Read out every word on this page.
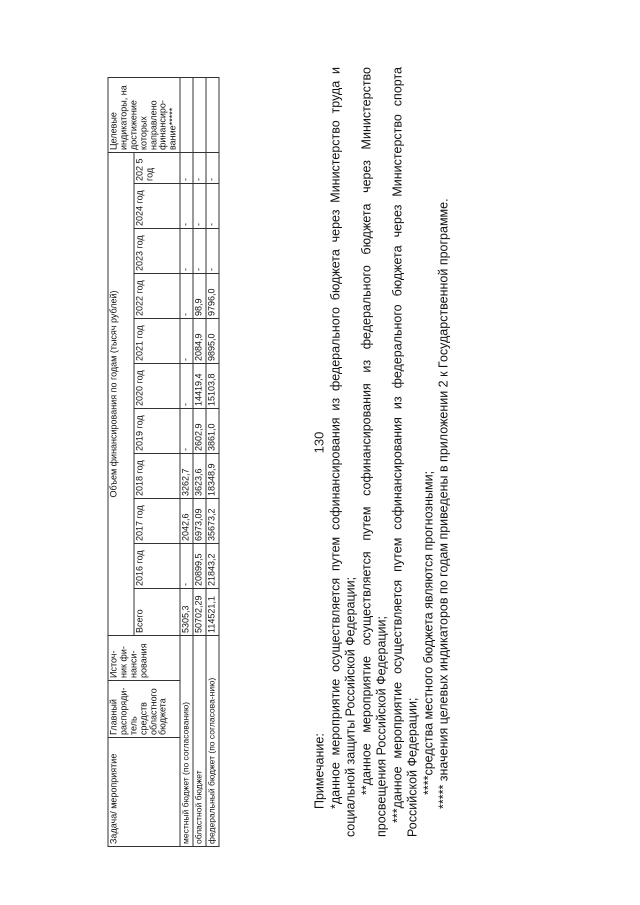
130
Задача/ мероприятие	Главный распоряди-тель средств областного бюджета	Источ-ник фи-нанси-рования	Объем финансирования по годам (тысяч рублей)											Целевые индикаторы, на достижение которых направлено финансиро-вание*****
			Всего	2016 год	2017 год	2018 год	2019 год	2020 год	2021 год	2022 год	2023 год	2024 год	202 5 год	
местный бюджет (по согласованию)			5305,3	-	2042,6	3262,7	-	-	-	-	-	-	-	
областной бюджет			50702,29	20899,5	6973,09	3623,6	2602,9	14419,4	2084,9	98,9	-	-	-	
федеральный бюджет (по согласова-нию)			114521,1	21843,2	35673,2	18348,9	3861,0	15103,8	9895,0	9796,0	-	-	-	

Примечание: *данное мероприятие осуществляется путем софинансирования из федерального бюджета через Министерство труда и социальной защиты Российской Федерации; **данное мероприятие осуществляется путем софинансирования из федерального бюджета через Министерство просвещения Российской Федерации; ***данное мероприятие осуществляется путем софинансирования из федерального бюджета через Министерство спорта Российской Федерации; ****средства местного бюджета являются прогнозными; ***** значения целевых индикаторов по годам приведены в приложении 2 к Государственной программе.
